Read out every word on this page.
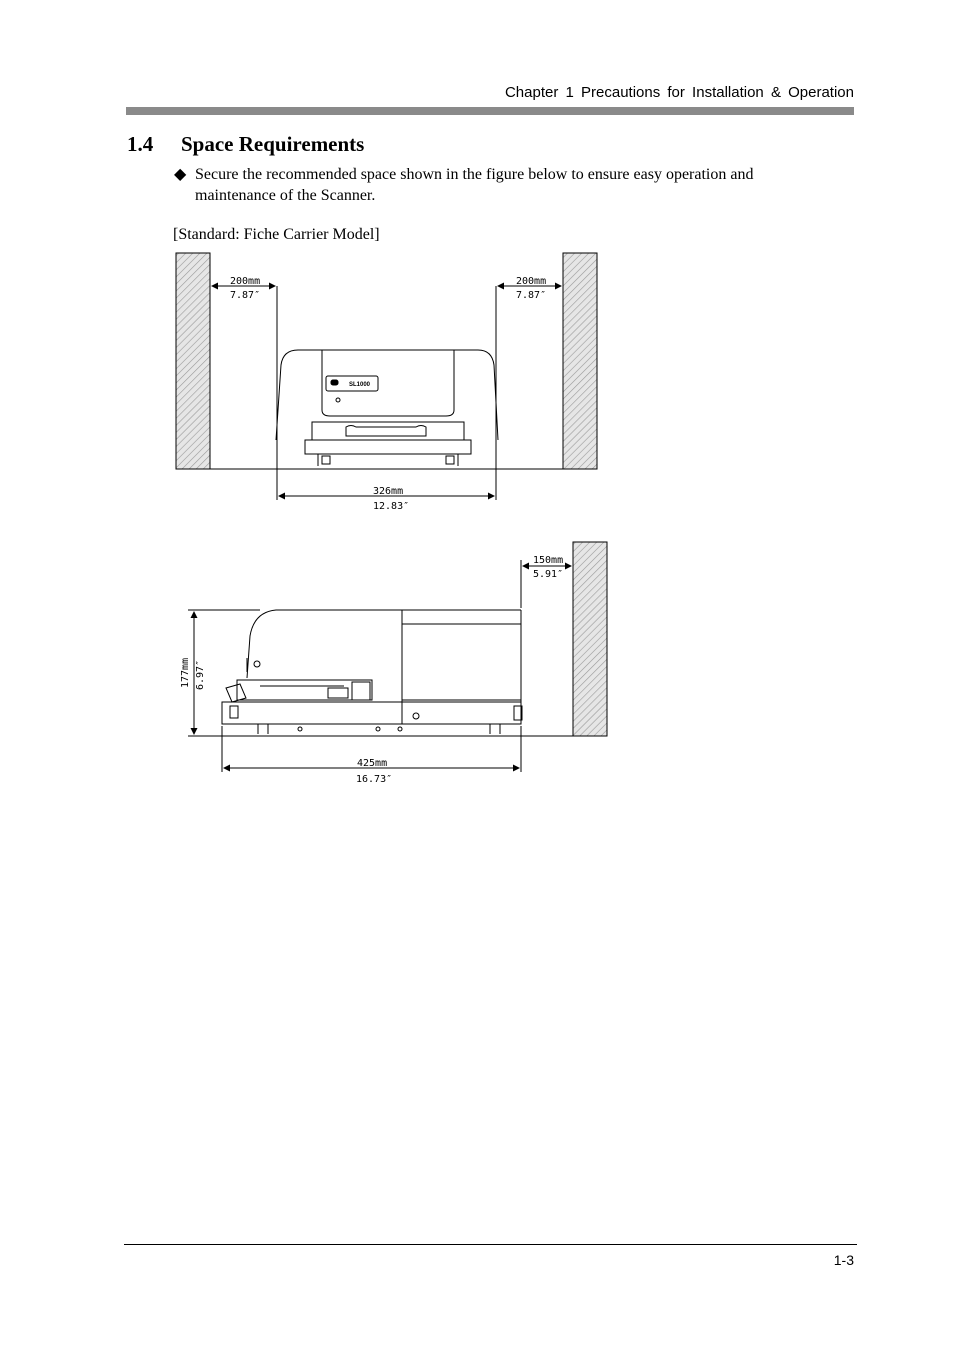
Chapter 1 Precautions for Installation & Operation
1.4 Space Requirements
◆ Secure the recommended space shown in the figure below to ensure easy operation and maintenance of the Scanner.
[Standard: Fiche Carrier Model]
SL1000
200mm
7.87″
200mm
7.87″
326mm
12.83″
150mm
5.91″
177mm 6.97″
425mm
16.73″
1-3
